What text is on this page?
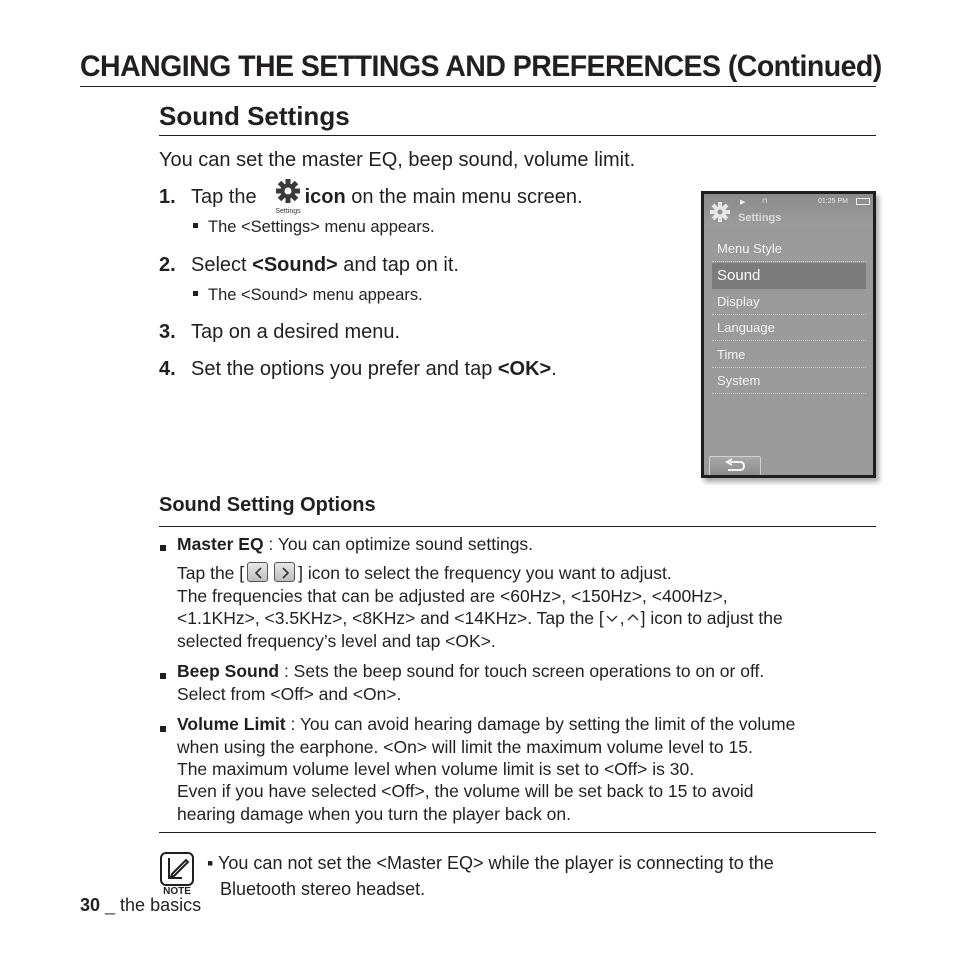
CHANGING THE SETTINGS AND PREFERENCES (Continued)
Sound Settings
You can set the master EQ, beep sound, volume limit.
1. Tap the icon on the main menu screen.
Settings
The <Settings> menu appears.
2. Select <Sound> and tap on it.
The <Sound> menu appears.
3. Tap on a desired menu.
4. Set the options you prefer and tap <OK>.
▶ ⊓	01:25 PM
Settings
Menu Style
Sound
Display
Language
Time
System
Sound Setting Options
Master EQ : You can optimize sound settings.
Tap the [	] icon to select the frequency you want to adjust.
The frequencies that can be adjusted are <60Hz>, <150Hz>, <400Hz>,
<1.1KHz>, <3.5KHz>, <8KHz> and <14KHz>. Tap the [ , ] icon to adjust the
selected frequency’s level and tap <OK>.
Beep Sound : Sets the beep sound for touch screen operations to on or off.
Select from <Off> and <On>.
Volume Limit : You can avoid hearing damage by setting the limit of the volume
when using the earphone. <On> will limit the maximum volume level to 15.
The maximum volume level when volume limit is set to <Off> is 30.
Even if you have selected <Off>, the volume will be set back to 15 to avoid
hearing damage when you turn the player back on.
NOTE
▪ You can not set the <Master EQ> while the player is connecting to the
Bluetooth stereo headset.
30 _ the basics
